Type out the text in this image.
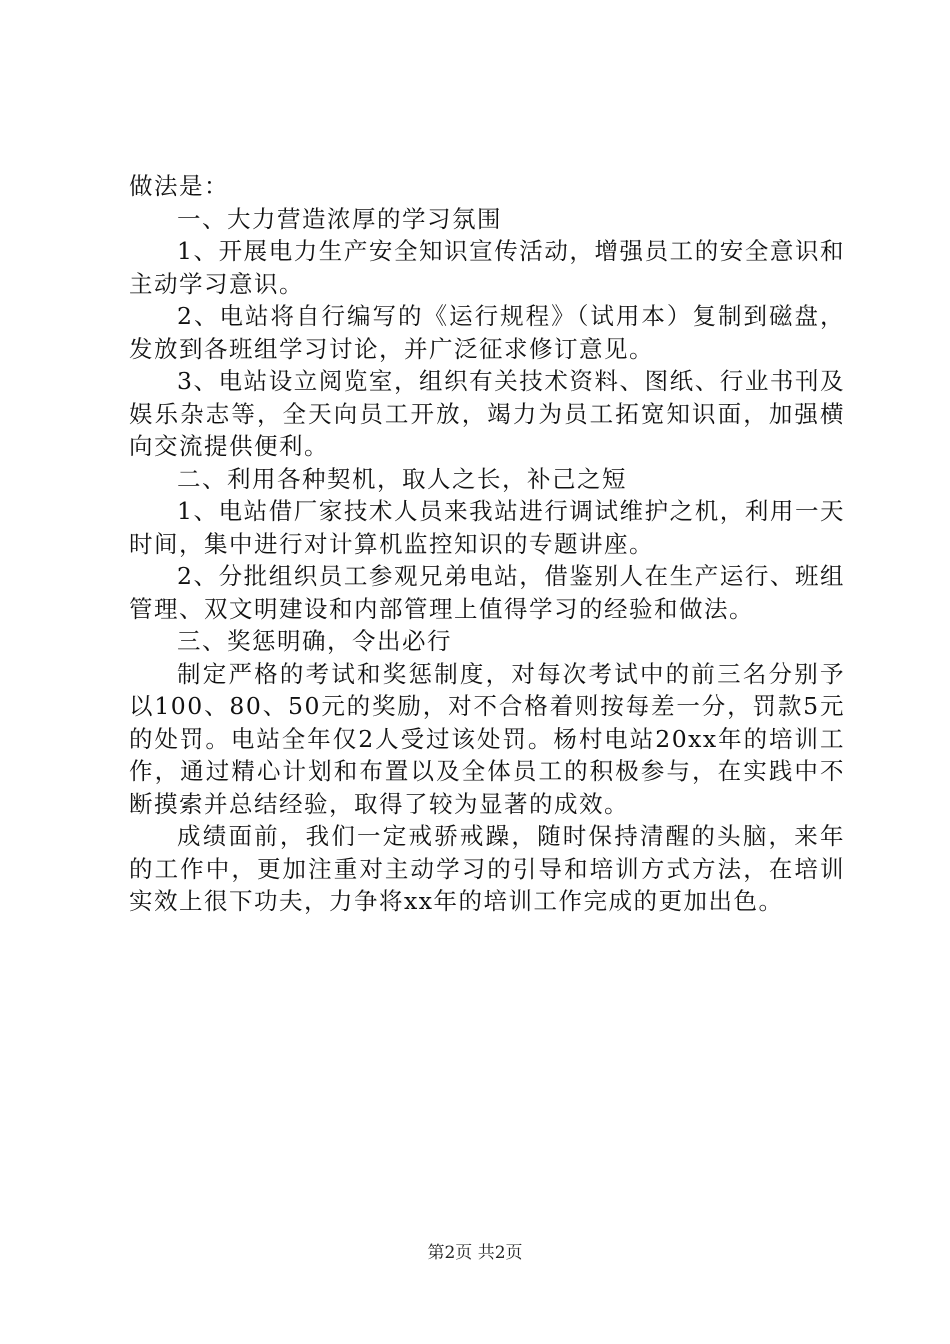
做法是：

一、大力营造浓厚的学习氛围

1、开展电力生产安全知识宣传活动，增强员工的安全意识和主动学习意识。

2、电站将自行编写的《运行规程》（试用本）复制到磁盘，发放到各班组学习讨论，并广泛征求修订意见。

3、电站设立阅览室，组织有关技术资料、图纸、行业书刊及娱乐杂志等，全天向员工开放，竭力为员工拓宽知识面，加强横向交流提供便利。

二、利用各种契机，取人之长，补己之短

1、电站借厂家技术人员来我站进行调试维护之机，利用一天时间，集中进行对计算机监控知识的专题讲座。

2、分批组织员工参观兄弟电站，借鉴别人在生产运行、班组管理、双文明建设和内部管理上值得学习的经验和做法。

三、奖惩明确，令出必行

制定严格的考试和奖惩制度，对每次考试中的前三名分别予以100、80、50元的奖励，对不合格着则按每差一分，罚款5元的处罚。电站全年仅2人受过该处罚。杨村电站20xx年的培训工作，通过精心计划和布置以及全体员工的积极参与，在实践中不断摸索并总结经验，取得了较为显著的成效。

成绩面前，我们一定戒骄戒躁，随时保持清醒的头脑，来年的工作中，更加注重对主动学习的引导和培训方式方法，在培训实效上很下功夫，力争将xx年的培训工作完成的更加出色。

第2页 共2页
